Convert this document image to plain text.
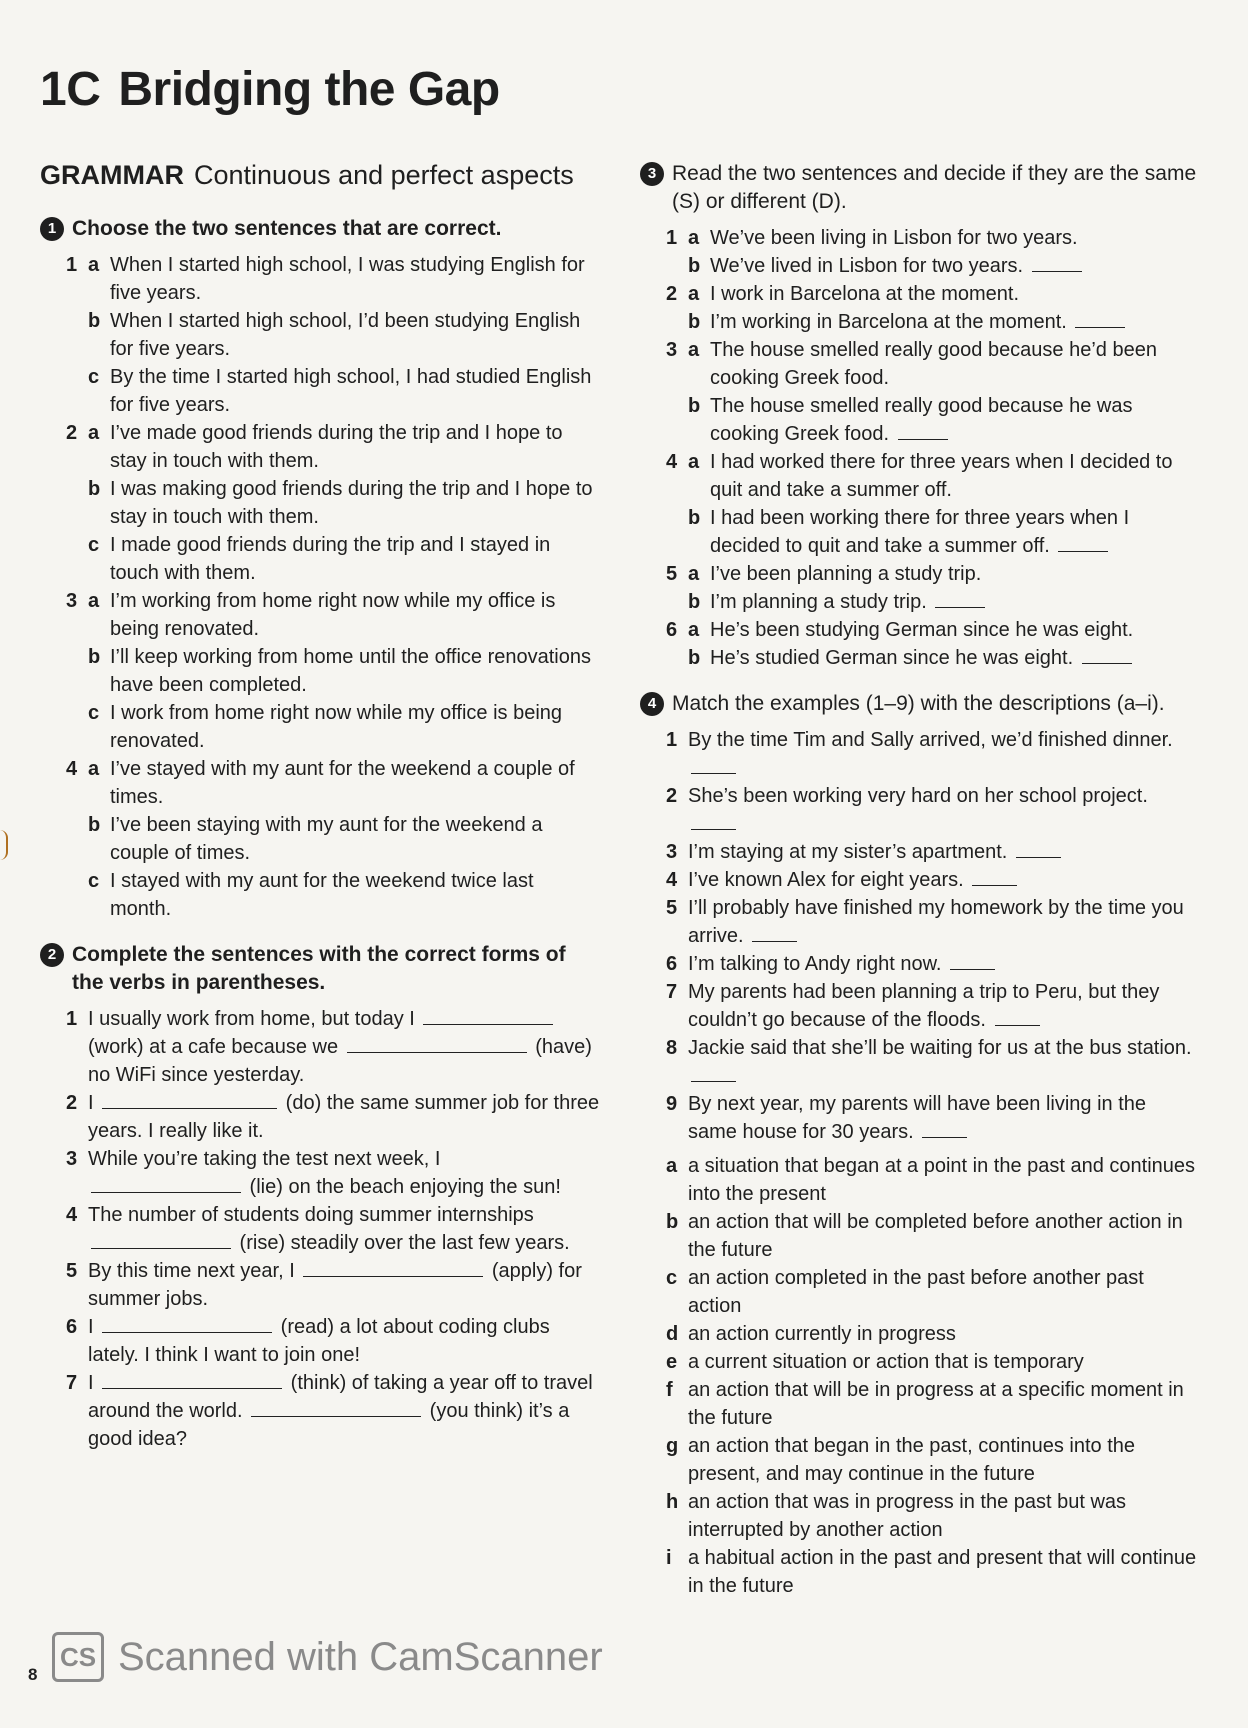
1C Bridging the Gap
GRAMMAR Continuous and perfect aspects
1 Choose the two sentences that are correct.
1 a When I started high school, I was studying English for five years.
b When I started high school, I’d been studying English for five years.
c By the time I started high school, I had studied English for five years.
2 a I’ve made good friends during the trip and I hope to stay in touch with them.
b I was making good friends during the trip and I hope to stay in touch with them.
c I made good friends during the trip and I stayed in touch with them.
3 a I’m working from home right now while my office is being renovated.
b I’ll keep working from home until the office renovations have been completed.
c I work from home right now while my office is being renovated.
4 a I’ve stayed with my aunt for the weekend a couple of times.
b I’ve been staying with my aunt for the weekend a couple of times.
c I stayed with my aunt for the weekend twice last month.
2 Complete the sentences with the correct forms of the verbs in parentheses.
1 I usually work from home, but today I  (work) at a cafe because we	(have) no WiFi since yesterday.
2 I	(do) the same summer job for three years. I really like it.
3 While you’re taking the test next week, I  (lie) on the beach enjoying the sun!
4 The number of students doing summer internships  (rise) steadily over the last few years.
5 By this time next year, I	(apply) for summer jobs.
6 I	(read) a lot about coding clubs lately. I think I want to join one!
7 I	(think) of taking a year off to travel around the world.	(you think) it’s a good idea?
3 Read the two sentences and decide if they are the same (S) or different (D).
1 a We’ve been living in Lisbon for two years.
b We’ve lived in Lisbon for two years.
2 a I work in Barcelona at the moment.
b I’m working in Barcelona at the moment.
3 a The house smelled really good because he’d been cooking Greek food.
b The house smelled really good because he was cooking Greek food.
4 a I had worked there for three years when I decided to quit and take a summer off.
b I had been working there for three years when I decided to quit and take a summer off.
5 a I’ve been planning a study trip.
b I’m planning a study trip.
6 a He’s been studying German since he was eight.
b He’s studied German since he was eight.
4 Match the examples (1–9) with the descriptions (a–i).
1 By the time Tim and Sally arrived, we’d finished dinner.
2 She’s been working very hard on her school project.
3 I’m staying at my sister’s apartment.
4 I’ve known Alex for eight years.
5 I’ll probably have finished my homework by the time you arrive.
6 I’m talking to Andy right now.
7 My parents had been planning a trip to Peru, but they couldn’t go because of the floods.
8 Jackie said that she’ll be waiting for us at the bus station.
9 By next year, my parents will have been living in the same house for 30 years.
a a situation that began at a point in the past and continues into the present
b an action that will be completed before another action in the future
c an action completed in the past before another past action
d an action currently in progress
e a current situation or action that is temporary
f an action that will be in progress at a specific moment in the future
g an action that began in the past, continues into the present, and may continue in the future
h an action that was in progress in the past but was interrupted by another action
i a habitual action in the past and present that will continue in the future
CS Scanned with CamScanner
8
